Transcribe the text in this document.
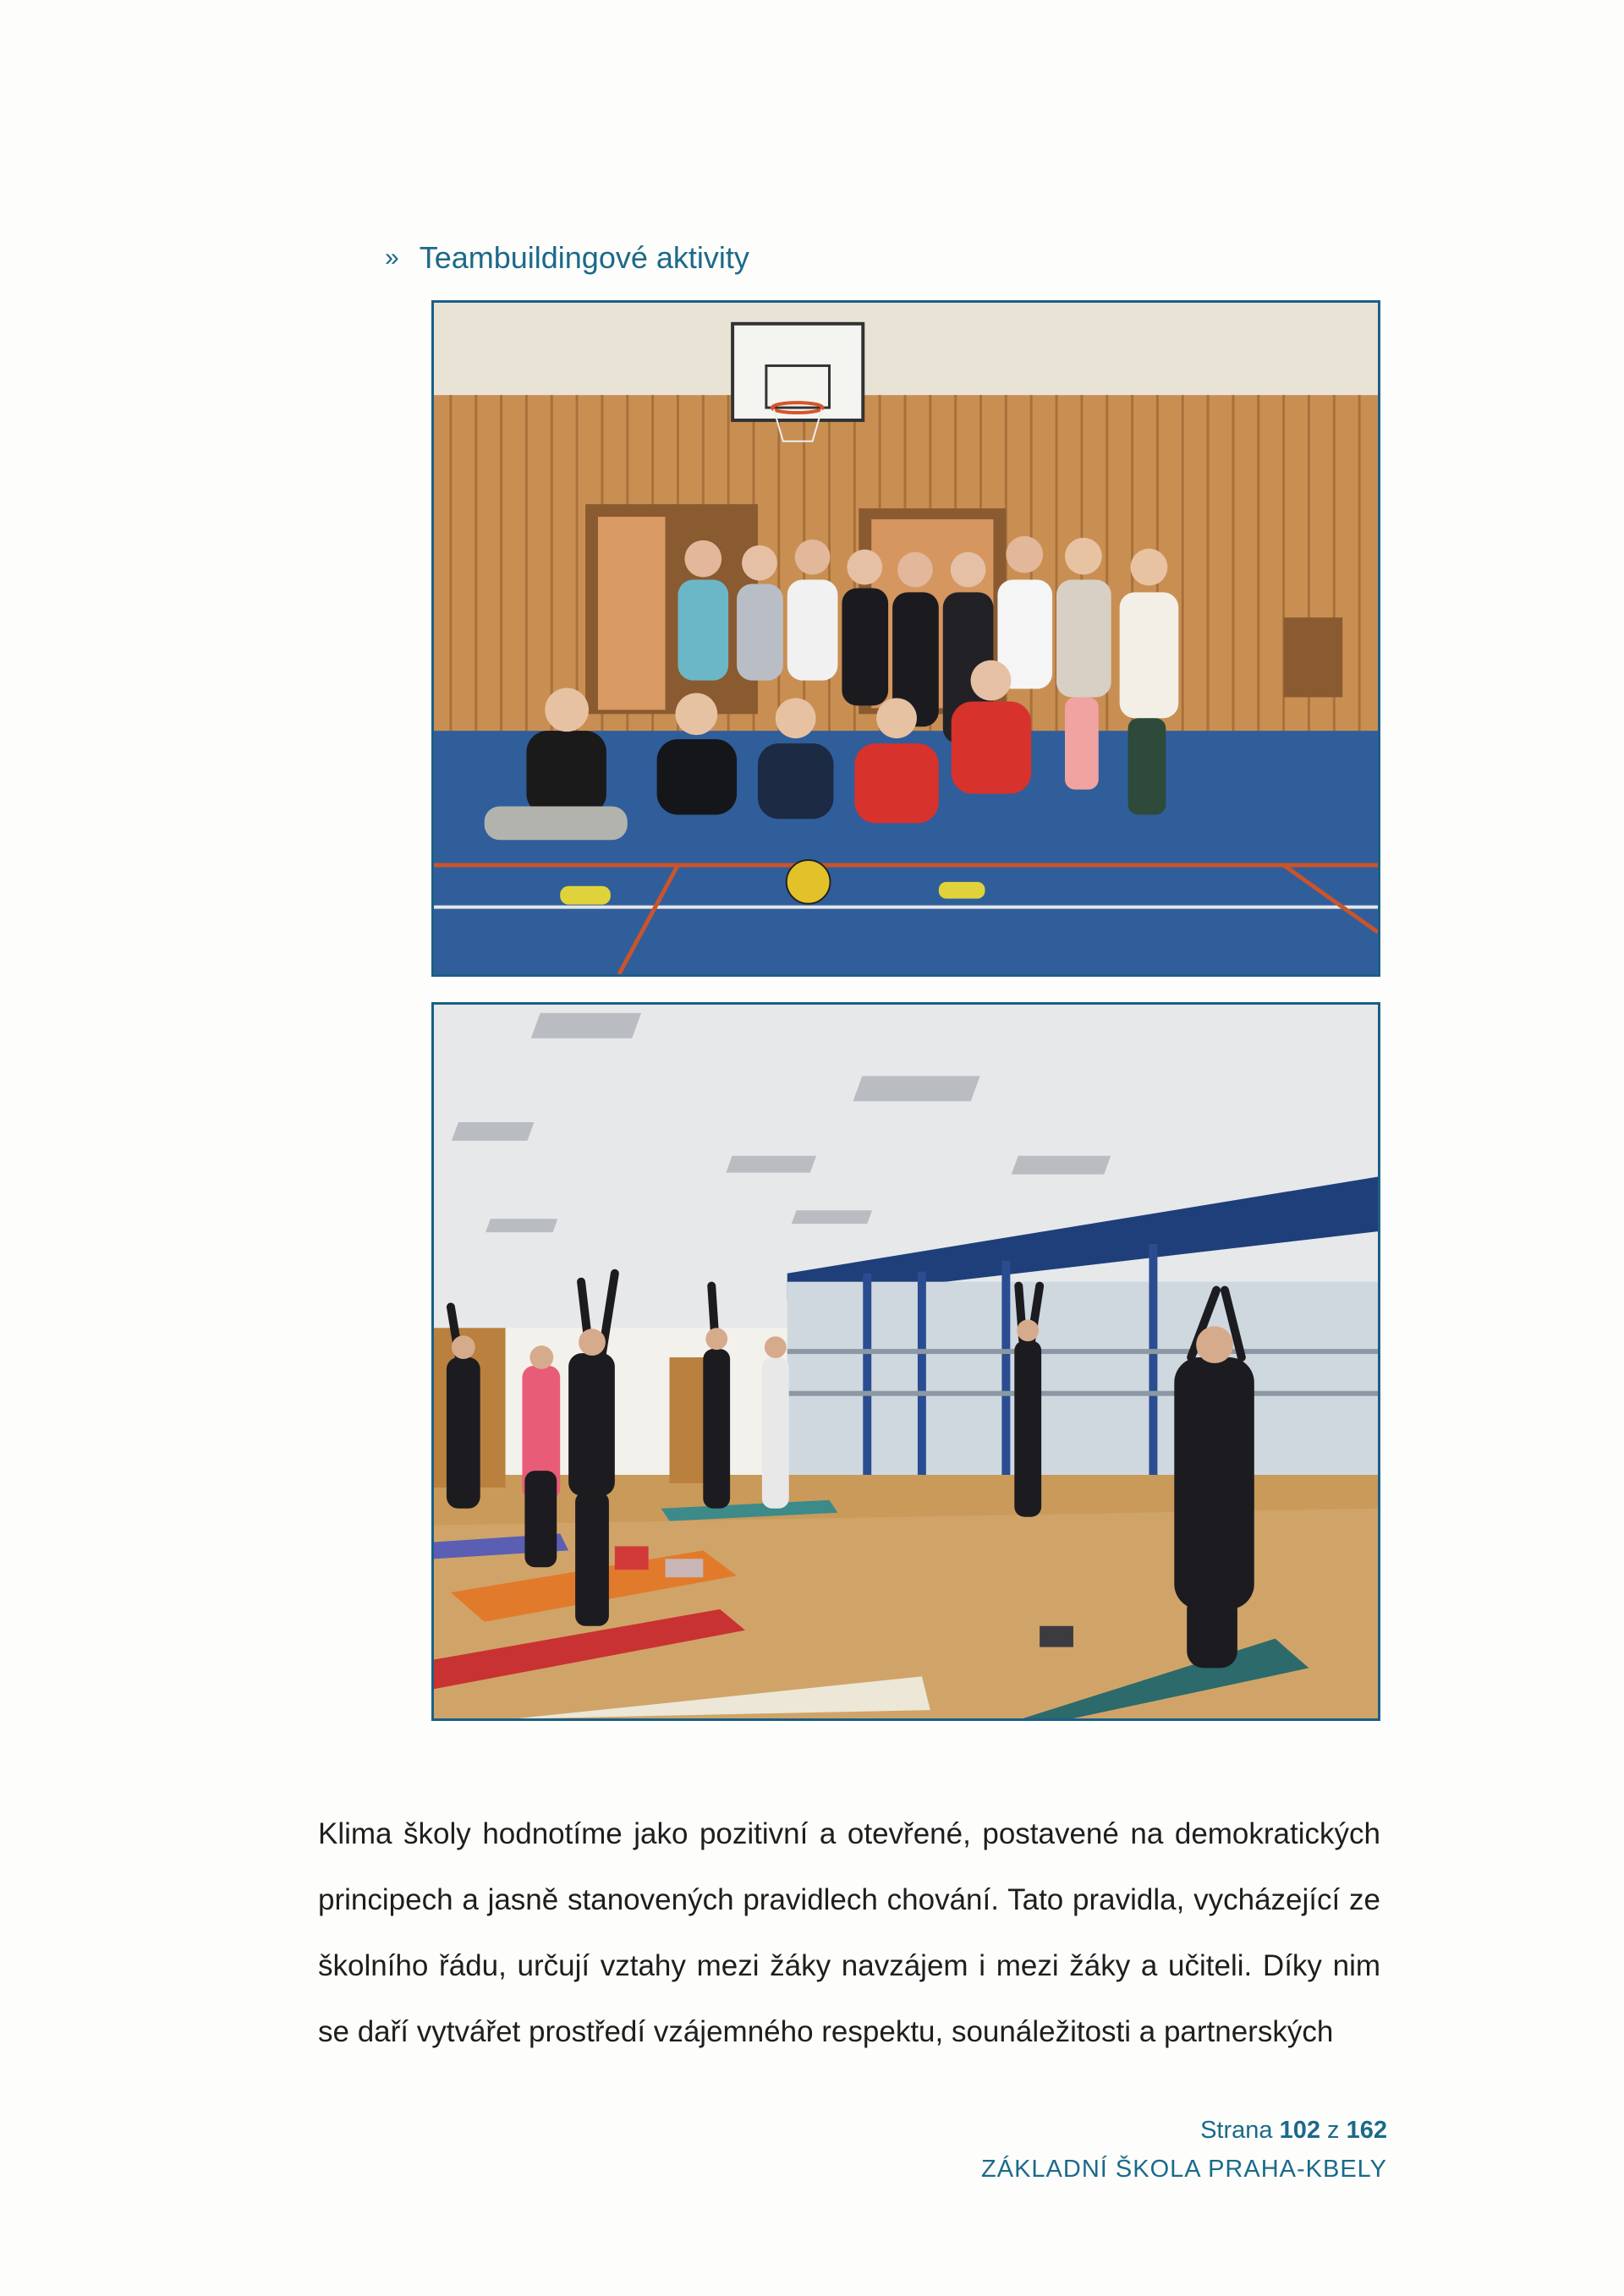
» Teambuildingové aktivity

Klima školy hodnotíme jako pozitivní a otevřené, postavené na demokratických principech a jasně stanovených pravidlech chování. Tato pravidla, vycházející ze školního řádu, určují vztahy mezi žáky navzájem i mezi žáky a učiteli. Díky nim se daří vytvářet prostředí vzájemného respektu, sounáležitosti a partnerských

Strana 102 z 162
ZÁKLADNÍ ŠKOLA PRAHA-KBELY
